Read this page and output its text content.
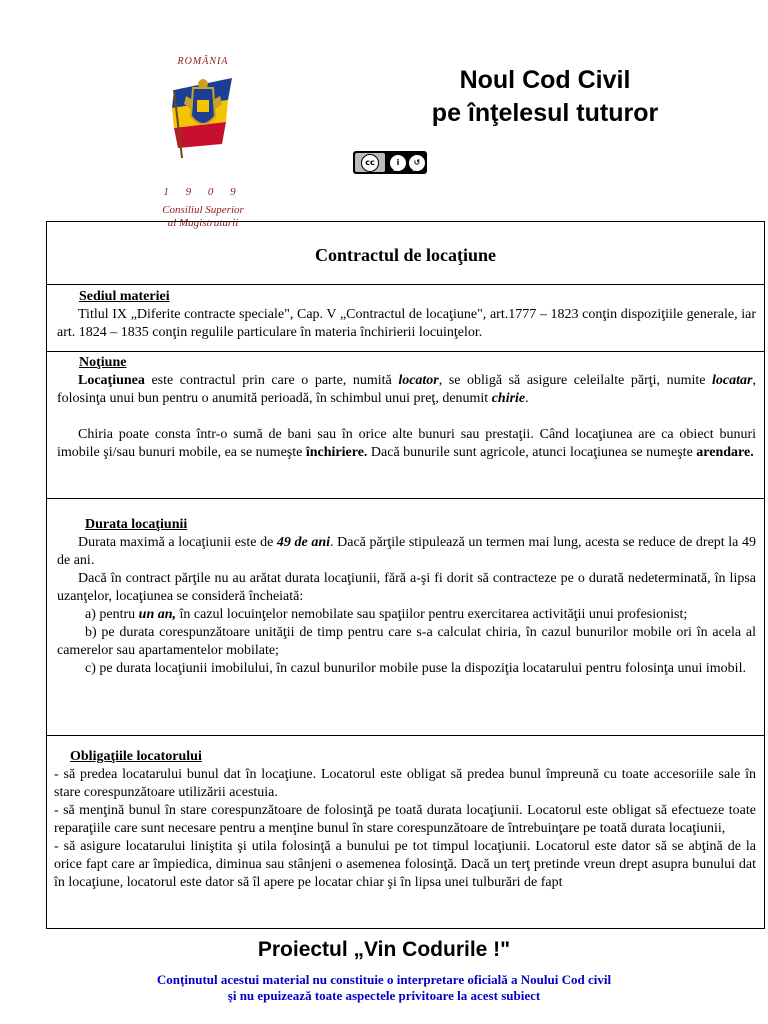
ROMÂNIA
1 9 0 9
Consiliul Superior
al Magistraturii
Noul Cod Civil
pe înţelesul tuturor
cc	i	↺
BY	SA
Contractul de locaţiune
Sediul materiei

Titlul IX „Diferite contracte speciale", Cap. V „Contractul de locaţiune", art.1777 – 1823 conţin dispoziţiile generale, iar art. 1824 – 1835 conţin regulile particulare în materia închirierii locuinţelor.

Noţiune

Locaţiunea este contractul prin care o parte, numită locator, se obligă să asigure celeilalte părţi, numite locatar, folosinţa unui bun pentru o anumită perioadă, în schimbul unui preţ, denumit chirie.

Chiria poate consta într-o sumă de bani sau în orice alte bunuri sau prestaţii. Când locaţiunea are ca obiect bunuri imobile şi/sau bunuri mobile, ea se numeşte închiriere. Dacă bunurile sunt agricole, atunci locaţiunea se numeşte arendare.

Durata locaţiunii

Durata maximă a locaţiunii este de 49 de ani. Dacă părţile stipulează un termen mai lung, acesta se reduce de drept la 49 de ani.

Dacă în contract părţile nu au arătat durata locaţiunii, fără a-şi fi dorit să contracteze pe o durată nedeterminată, în lipsa uzanţelor, locaţiunea se consideră încheiată:

a) pentru un an, în cazul locuinţelor nemobilate sau spaţiilor pentru exercitarea activităţii unui profesionist;

b) pe durata corespunzătoare unităţii de timp pentru care s-a calculat chiria, în cazul bunurilor mobile ori în acela al camerelor sau apartamentelor mobilate;

c) pe durata locaţiunii imobilului, în cazul bunurilor mobile puse la dispoziţia locatarului pentru folosinţa unui imobil.

Obligaţiile locatorului

- să predea locatarului bunul dat în locaţiune. Locatorul este obligat să predea bunul împreună cu toate accesoriile sale în stare corespunzătoare utilizării acestuia.

- să menţină bunul în stare corespunzătoare de folosinţă pe toată durata locaţiunii. Locatorul este obligat să efectueze toate reparaţiile care sunt necesare pentru a menţine bunul în stare corespunzătoare de întrebuinţare pe toată durata locaţiunii,

- să asigure locatarului liniştita şi utila folosinţă a bunului pe tot timpul locaţiunii. Locatorul este dator să se abţină de la orice fapt care ar împiedica, diminua sau stânjeni o asemenea folosinţă. Dacă un terţ pretinde vreun drept asupra bunului dat în locaţiune, locatorul este dator să îl apere pe locatar chiar şi în lipsa unei tulburări de fapt

Proiectul „Vin Codurile !"
Conţinutul acestui material nu constituie o interpretare oficială a Noului Cod civil
şi nu epuizează toate aspectele privitoare la acest subiect
